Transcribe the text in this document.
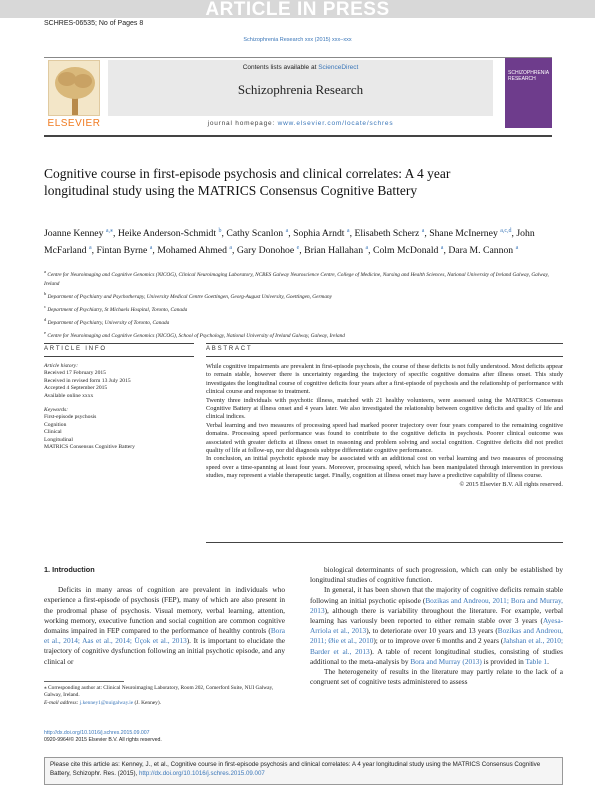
ARTICLE IN PRESS
SCHRES-06535; No of Pages 8
Schizophrenia Research xxx (2015) xxx–xxx
ELSEVIER
Contents lists available at ScienceDirect
Schizophrenia Research
journal homepage: www.elsevier.com/locate/schres
SCHIZOPHRENIA RESEARCH
Cognitive course in first-episode psychosis and clinical correlates: A 4 year longitudinal study using the MATRICS Consensus Cognitive Battery
Joanne Kenney $^{a,⁎}$, Heike Anderson-Schmidt $^b$, Cathy Scanlon $^a$, Sophia Arndt $^a$, Elisabeth Scherz $^a$, Shane McInerney $^{a,c,d}$, John McFarland $^a$, Fintan Byrne $^a$, Mohamed Ahmed $^a$, Gary Donohoe $^e$, Brian Hallahan $^a$, Colm McDonald $^a$, Dara M. Cannon $^a$
$^a$ Centre for Neuroimaging and Cognitive Genomics (NICOG), Clinical Neuroimaging Laboratory, NCBES Galway Neuroscience Centre, College of Medicine, Nursing and Health Sciences, National University of Ireland Galway, Galway, Ireland
$^b$ Department of Psychiatry and Psychotherapy, University Medical Centre Goettingen, Georg-August University, Goettingen, Germany
$^c$ Department of Psychiatry, St Michaels Hospital, Toronto, Canada
$^d$ Department of Psychiatry, University of Toronto, Canada
$^e$ Centre for Neuroimaging and Cognitive Genomics (NICOG), School of Psychology, National University of Ireland Galway, Galway, Ireland
ARTICLE INFO
Article history:
Received 17 February 2015
Received in revised form 13 July 2015
Accepted 4 September 2015
Available online xxxx
Keywords:
First-episode psychosis
Cognition
Clinical
Longitudinal
MATRICS Consensus Cognitive Battery
ABSTRACT
While cognitive impairments are prevalent in first-episode psychosis, the course of these deficits is not fully understood. Most deficits appear to remain stable, however there is uncertainty regarding the trajectory of specific cognitive domains after illness onset. This study investigates the longitudinal course of cognitive deficits four years after a first-episode of psychosis and the relationship of performance with clinical course and response to treatment.
Twenty three individuals with psychotic illness, matched with 21 healthy volunteers, were assessed using the MATRICS Consensus Cognitive Battery at illness onset and 4 years later. We also investigated the relationship between cognitive deficits and quality of life and clinical indices.
Verbal learning and two measures of processing speed had marked poorer trajectory over four years compared to the remaining cognitive domains. Processing speed performance was found to contribute to the cognitive deficits in psychosis. Poorer clinical outcome was associated with greater deficits at illness onset in reasoning and problem solving and social cognition. Cognitive deficits did not predict quality of life at follow-up, nor did diagnosis subtype differentiate cognitive performance.
In conclusion, an initial psychotic episode may be associated with an additional cost on verbal learning and two measures of processing speed over a time-spanning at least four years. Moreover, processing speed, which has been manipulated through intervention in previous studies, may represent a viable therapeutic target. Finally, cognition at illness onset may have a predictive capability of illness course.
© 2015 Elsevier B.V. All rights reserved.
1. Introduction

Deficits in many areas of cognition are prevalent in individuals who experience a first-episode of psychosis (FEP), many of which are also present in the prodromal phase of psychosis. Visual memory, verbal learning, attention, working memory, executive function and social cognition are common cognitive domains impaired in FEP compared to the performance of healthy controls (Bora et al., 2014; Aas et al., 2014; Üçok et al., 2013). It is important to elucidate the trajectory of cognitive dysfunction following an initial psychotic episode, and any clinical or

biological determinants of such progression, which can only be established by longitudinal studies of cognitive function.

In general, it has been shown that the majority of cognitive deficits remain stable following an initial psychotic episode (Bozikas and Andreou, 2011; Bora and Murray, 2013), although there is variability throughout the literature. For example, verbal learning has variously been reported to either remain stable over 3 years (Ayesa-Arriola et al., 2013), to deteriorate over 10 years and 13 years (Bozikas and Andreou, 2011; Øie et al., 2010); or to improve over 6 months and 2 years (Jahshan et al., 2010; Barder et al., 2013). A table of recent longitudinal studies, consisting of studies additional to the meta-analysis by Bora and Murray (2013) is provided in Table 1.

The heterogeneity of results in the literature may partly relate to the lack of a congruent set of cognitive tests administered to assess

⁎ Corresponding author at: Clinical Neuroimaging Laboratory, Room 202, Comerford Suite, NUI Galway, Galway, Ireland.
E-mail address: j.kenney1@nuigalway.ie (J. Kenney).
http://dx.doi.org/10.1016/j.schres.2015.09.007
0920-9964/© 2015 Elsevier B.V. All rights reserved.
Please cite this article as: Kenney, J., et al., Cognitive course in first-episode psychosis and clinical correlates: A 4 year longitudinal study using the MATRICS Consensus Cognitive Battery, Schizophr. Res. (2015), http://dx.doi.org/10.1016/j.schres.2015.09.007
